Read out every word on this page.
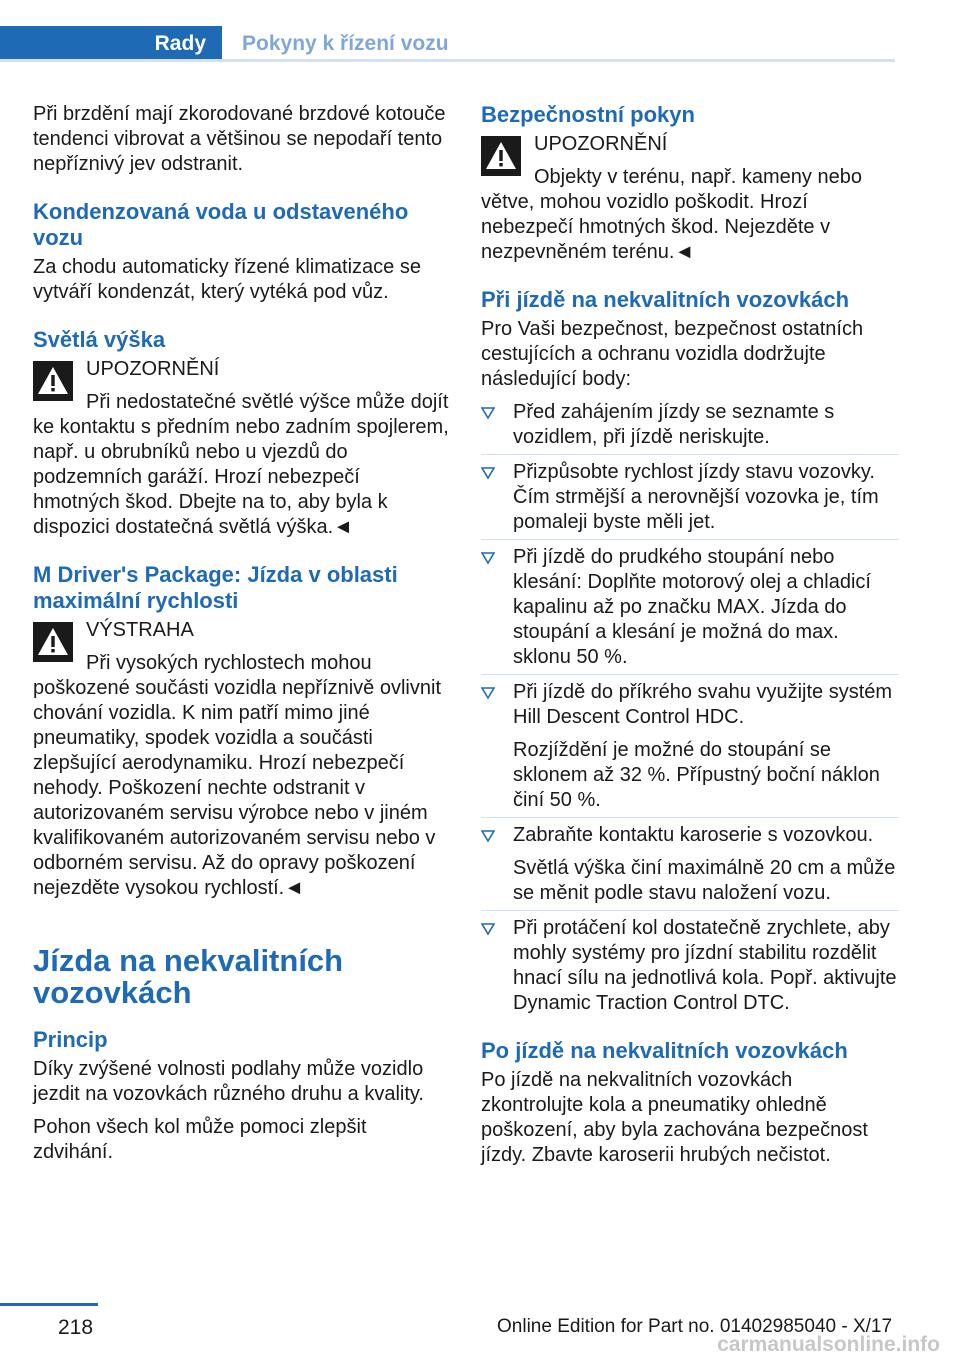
Rady	Pokyny k řízení vozu

Při brzdění mají zkorodované brzdové kotouče tendenci vibrovat a většinou se nepodaří tento nepříznivý jev odstranit.

Kondenzovaná voda u odstaveného vozu

Za chodu automaticky řízené klimatizace se vytváří kondenzát, který vytéká pod vůz.

Světlá výška

UPOZORNĚNÍ

Při nedostatečné světlé výšce může dojít ke kontaktu s předním nebo zadním spojlerem, např. u obrubníků nebo u vjezdů do podzemních garáží. Hrozí nebezpečí hmotných škod. Dbejte na to, aby byla k dispozici dostatečná světlá výška.◄

M Driver's Package: Jízda v oblasti maximální rychlosti

VÝSTRAHA

Při vysokých rychlostech mohou poškozené součásti vozidla nepříznivě ovlivnit chování vozidla. K nim patří mimo jiné pneumatiky, spodek vozidla a součásti zlepšující aerodynamiku. Hrozí nebezpečí nehody. Poškození nechte odstranit v autorizovaném servisu výrobce nebo v jiném kvalifikovaném autorizovaném servisu nebo v odborném servisu. Až do opravy poškození nejezděte vysokou rychlostí.◄

Jízda na nekvalitních vozovkách
Princip

Díky zvýšené volnosti podlahy může vozidlo jezdit na vozovkách různého druhu a kvality.

Pohon všech kol může pomoci zlepšit zdvihání.

Bezpečnostní pokyn

UPOZORNĚNÍ

Objekty v terénu, např. kameny nebo větve, mohou vozidlo poškodit. Hrozí nebezpečí hmotných škod. Nejezděte v nezpevněném terénu.◄

Při jízdě na nekvalitních vozovkách

Pro Vaši bezpečnost, bezpečnost ostatních cestujících a ochranu vozidla dodržujte následující body:

Před zahájením jízdy se seznamte s vozidlem, při jízdě neriskujte.

Přizpůsobte rychlost jízdy stavu vozovky. Čím strmější a nerovnější vozovka je, tím pomaleji byste měli jet.

Při jízdě do prudkého stoupání nebo klesání: Doplňte motorový olej a chladicí kapalinu až po značku MAX. Jízda do stoupání a klesání je možná do max. sklonu 50 %.

Při jízdě do příkrého svahu využijte systém Hill Descent Control HDC.

Rozjíždění je možné do stoupání se sklonem až 32 %. Přípustný boční náklon činí 50 %.

Zabraňte kontaktu karoserie s vozovkou.

Světlá výška činí maximálně 20 cm a může se měnit podle stavu naložení vozu.

Při protáčení kol dostatečně zrychlete, aby mohly systémy pro jízdní stabilitu rozdělit hnací sílu na jednotlivá kola. Popř. aktivujte Dynamic Traction Control DTC.

Po jízdě na nekvalitních vozovkách

Po jízdě na nekvalitních vozovkách zkontrolujte kola a pneumatiky ohledně poškození, aby byla zachována bezpečnost jízdy. Zbavte karoserii hrubých nečistot.

218	Online Edition for Part no. 01402985040 - X/17
carmanualsonline.info
